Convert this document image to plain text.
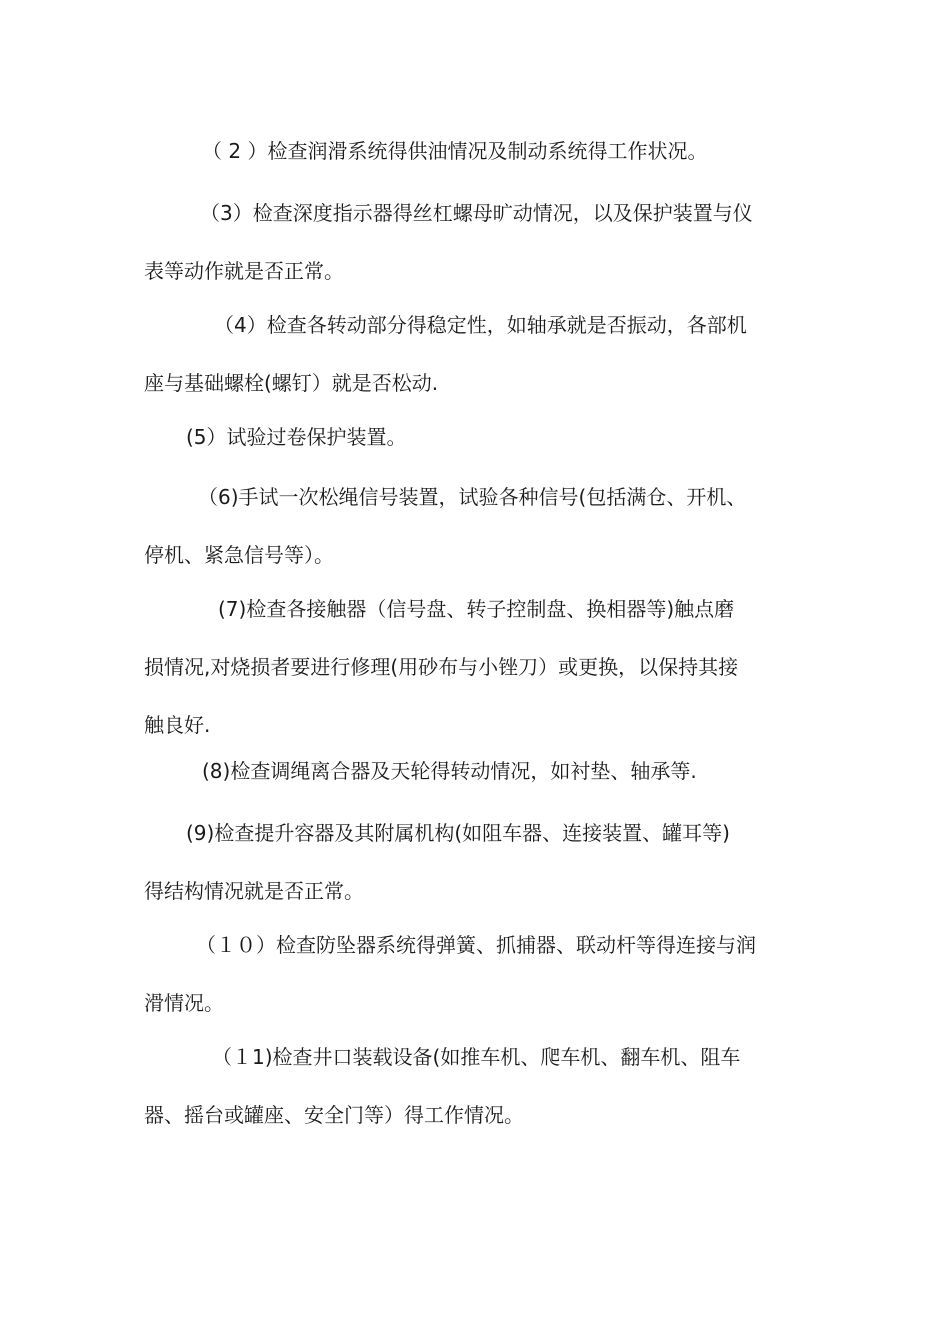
（ 2 ）检查润滑系统得供油情况及制动系统得工作状况。
（3）检查深度指示器得丝杠螺母旷动情况，以及保护装置与仪
表等动作就是否正常。
（4）检查各转动部分得稳定性，如轴承就是否振动，各部机
座与基础螺栓(螺钉）就是否松动.
(5）试验过卷保护装置。
（6)手试一次松绳信号装置，试验各种信号(包括满仓、开机、
停机、紧急信号等）。
(7)检查各接触器（信号盘、转子控制盘、换相器等)触点磨
损情况,对烧损者要进行修理(用砂布与小锉刀）或更换，以保持其接
触良好.
(8)检查调绳离合器及天轮得转动情况，如衬垫、轴承等.
(9)检查提升容器及其附属机构(如阻车器、连接装置、罐耳等)
得结构情况就是否正常。
（１０）检查防坠器系统得弹簧、抓捕器、联动杆等得连接与润
滑情况。
（１1)检查井口装载设备(如推车机、爬车机、翻车机、阻车
器、摇台或罐座、安全门等）得工作情况。
